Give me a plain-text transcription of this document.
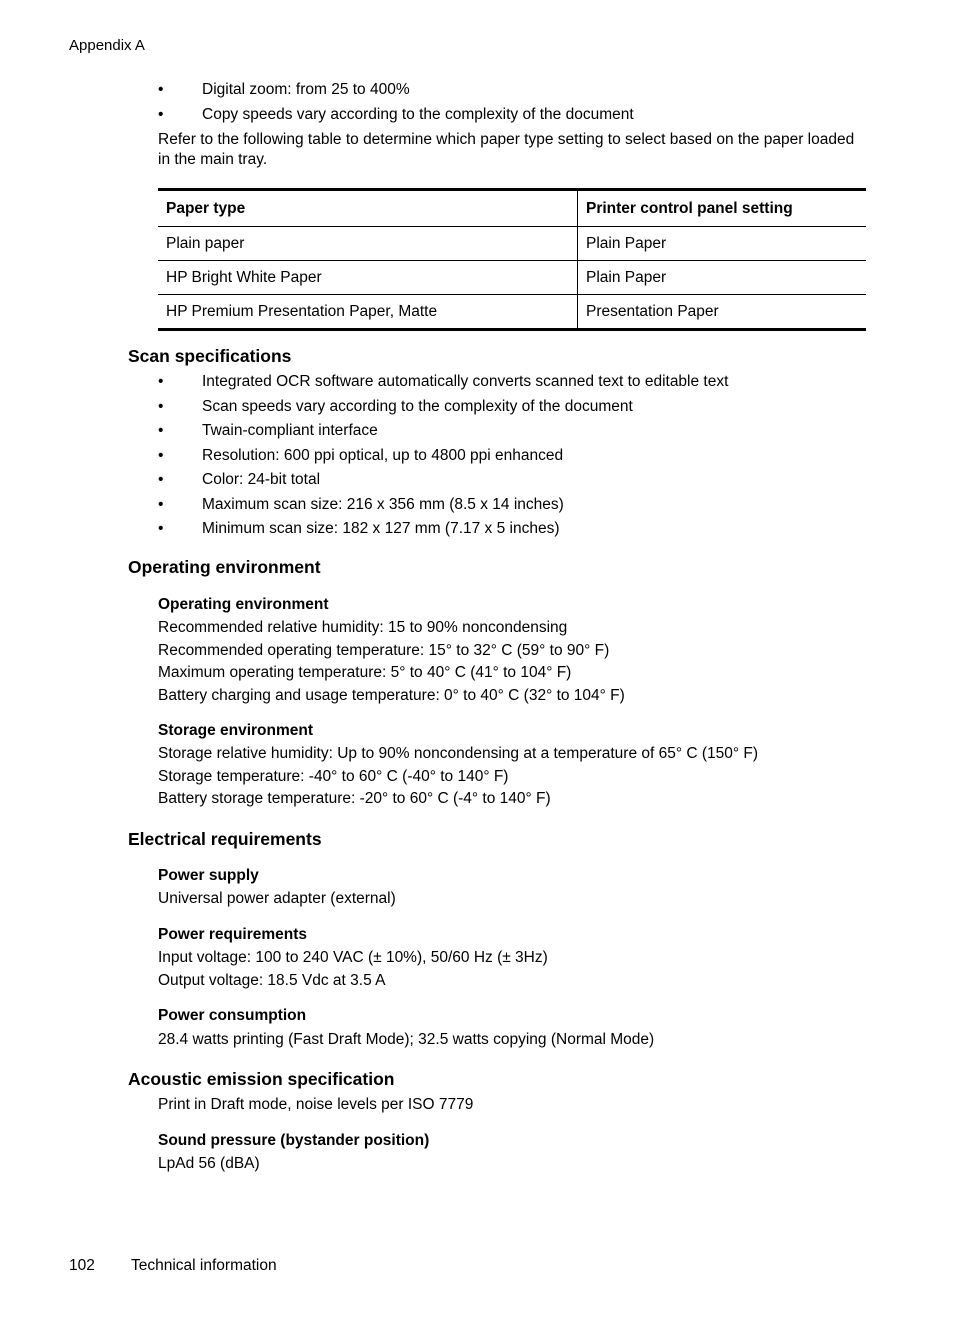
Appendix A
• Digital zoom: from 25 to 400%
• Copy speeds vary according to the complexity of the document

Refer to the following table to determine which paper type setting to select based on the paper loaded in the main tray.

Paper type	Printer control panel setting
Plain paper	Plain Paper
HP Bright White Paper	Plain Paper
HP Premium Presentation Paper, Matte	Presentation Paper
Scan specifications
• Integrated OCR software automatically converts scanned text to editable text
• Scan speeds vary according to the complexity of the document
• Twain-compliant interface
• Resolution: 600 ppi optical, up to 4800 ppi enhanced
• Color: 24-bit total
• Maximum scan size: 216 x 356 mm (8.5 x 14 inches)
• Minimum scan size: 182 x 127 mm (7.17 x 5 inches)
Operating environment
Operating environment
Recommended relative humidity: 15 to 90% noncondensing
Recommended operating temperature: 15° to 32° C (59° to 90° F)
Maximum operating temperature: 5° to 40° C (41° to 104° F)
Battery charging and usage temperature: 0° to 40° C (32° to 104° F)
Storage environment
Storage relative humidity: Up to 90% noncondensing at a temperature of 65° C (150° F)
Storage temperature: -40° to 60° C (-40° to 140° F)
Battery storage temperature: -20° to 60° C (-4° to 140° F)
Electrical requirements
Power supply
Universal power adapter (external)
Power requirements
Input voltage: 100 to 240 VAC (± 10%), 50/60 Hz (± 3Hz)
Output voltage: 18.5 Vdc at 3.5 A
Power consumption
28.4 watts printing (Fast Draft Mode); 32.5 watts copying (Normal Mode)
Acoustic emission specification
Print in Draft mode, noise levels per ISO 7779
Sound pressure (bystander position)
LpAd 56 (dBA)
102 Technical information
